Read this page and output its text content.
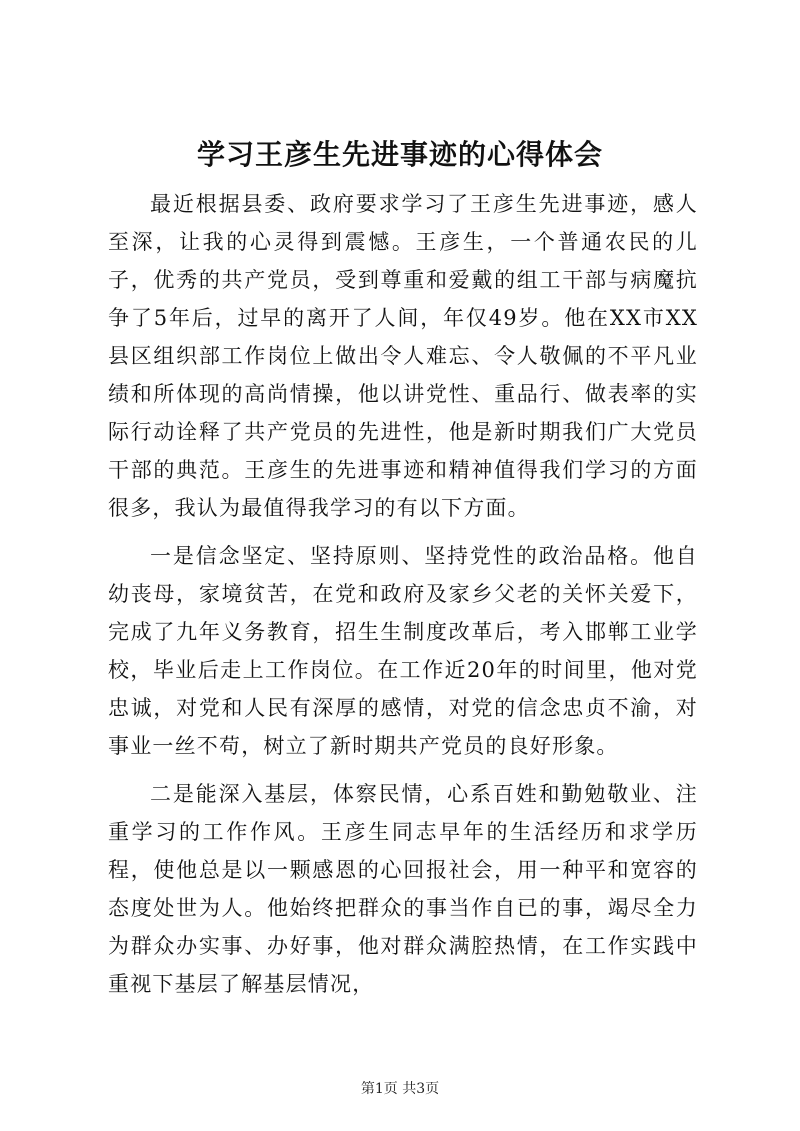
学习王彦生先进事迹的心得体会

最近根据县委、政府要求学习了王彦生先进事迹，感人至深，让我的心灵得到震憾。王彦生，一个普通农民的儿子，优秀的共产党员，受到尊重和爱戴的组工干部与病魔抗争了5年后，过早的离开了人间，年仅49岁。他在XX市XX县区组织部工作岗位上做出令人难忘、令人敬佩的不平凡业绩和所体现的高尚情操，他以讲党性、重品行、做表率的实际行动诠释了共产党员的先进性，他是新时期我们广大党员干部的典范。王彦生的先进事迹和精神值得我们学习的方面很多，我认为最值得我学习的有以下方面。

一是信念坚定、坚持原则、坚持党性的政治品格。他自幼丧母，家境贫苦，在党和政府及家乡父老的关怀关爱下，完成了九年义务教育，招生生制度改革后，考入邯郸工业学校，毕业后走上工作岗位。在工作近20年的时间里，他对党忠诚，对党和人民有深厚的感情，对党的信念忠贞不渝，对事业一丝不苟，树立了新时期共产党员的良好形象。

二是能深入基层，体察民情，心系百姓和勤勉敬业、注重学习的工作作风。王彦生同志早年的生活经历和求学历程，使他总是以一颗感恩的心回报社会，用一种平和宽容的态度处世为人。他始终把群众的事当作自已的事，竭尽全力为群众办实事、办好事，他对群众满腔热情，在工作实践中重视下基层了解基层情况，

第1页 共3页
